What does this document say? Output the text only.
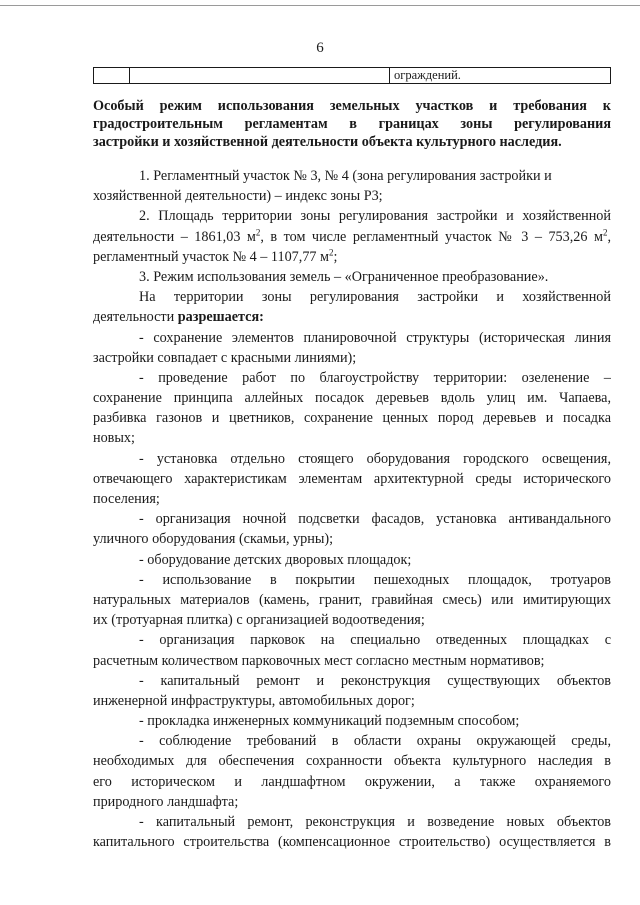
6
		ограждений.
Особый режим использования земельных участков и требования к
градостроительным регламентам в границах зоны регулирования
застройки и хозяйственной деятельности объекта культурного наследия.
1. Регламентный участок № 3, № 4 (зона регулирования застройки и
хозяйственной деятельности) – индекс зоны Р3;
2. Площадь территории зоны регулирования застройки и хозяйственной
деятельности – 1861,03 $м^2$, в том числе регламентный участок № 3 – 753,26 $м^2$,
регламентный участок № 4 – 1107,77 $м^2$;
3. Режим использования земель – «Ограниченное преобразование».
На территории зоны регулирования застройки и хозяйственной
деятельности разрешается:
- сохранение элементов планировочной структуры (историческая линия
застройки совпадает с красными линиями);
- проведение работ по благоустройству территории: озеленение –
сохранение принципа аллейных посадок деревьев вдоль улиц им. Чапаева,
разбивка газонов и цветников, сохранение ценных пород деревьев и посадка
новых;
- установка отдельно стоящего оборудования городского освещения,
отвечающего характеристикам элементам архитектурной среды исторического
поселения;
- организация ночной подсветки фасадов, установка антивандального
уличного оборудования (скамьи, урны);
- оборудование детских дворовых площадок;
- использование в покрытии пешеходных площадок, тротуаров
натуральных материалов (камень, гранит, гравийная смесь) или имитирующих
их (тротуарная плитка) с организацией водоотведения;
- организация парковок на специально отведенных площадках с
расчетным количеством парковочных мест согласно местным нормативов;
- капитальный ремонт и реконструкция существующих объектов
инженерной инфраструктуры, автомобильных дорог;
- прокладка инженерных коммуникаций подземным способом;
- соблюдение требований в области охраны окружающей среды,
необходимых для обеспечения сохранности объекта культурного наследия в
его историческом и ландшафтном окружении, а также охраняемого
природного ландшафта;
- капитальный ремонт, реконструкция и возведение новых объектов
капитального строительства (компенсационное строительство) осуществляется в
